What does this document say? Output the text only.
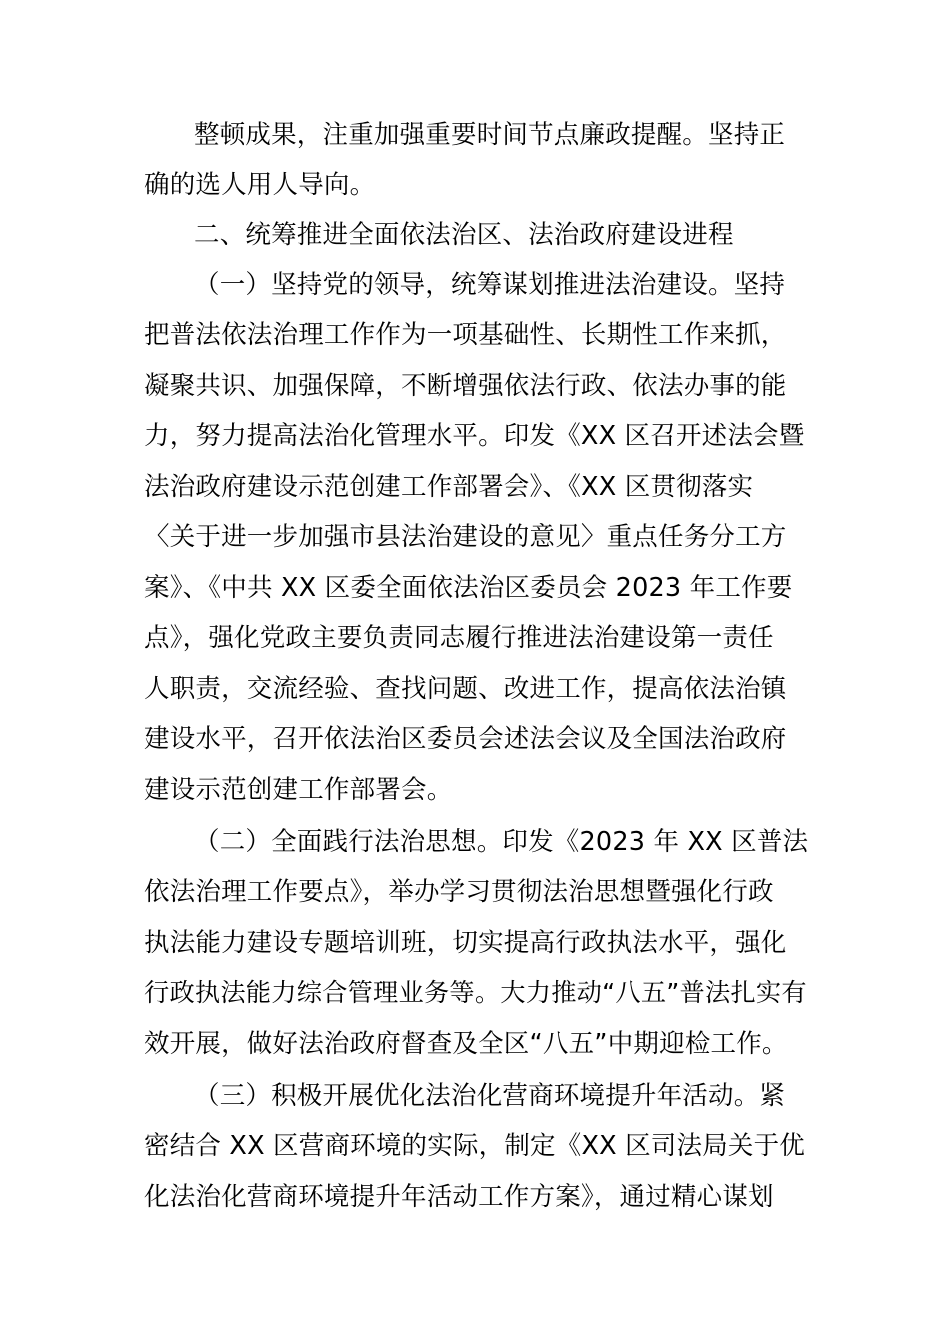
整顿成果，注重加强重要时间节点廉政提醒。坚持正
确的选人用人导向。
二、统筹推进全面依法治区、法治政府建设进程
（一）坚持党的领导，统筹谋划推进法治建设。坚持
把普法依法治理工作作为一项基础性、长期性工作来抓，
凝聚共识、加强保障，不断增强依法行政、依法办事的能
力，努力提高法治化管理水平。印发《XX 区召开述法会暨
法治政府建设示范创建工作部署会》、《XX 区贯彻落实
〈关于进一步加强市县法治建设的意见〉重点任务分工方
案》、《中共 XX 区委全面依法治区委员会 2023 年工作要
点》，强化党政主要负责同志履行推进法治建设第一责任
人职责，交流经验、查找问题、改进工作，提高依法治镇
建设水平，召开依法治区委员会述法会议及全国法治政府
建设示范创建工作部署会。
（二）全面践行法治思想。印发《2023 年 XX 区普法
依法治理工作要点》，举办学习贯彻法治思想暨强化行政
执法能力建设专题培训班，切实提高行政执法水平，强化
行政执法能力综合管理业务等。大力推动“八五”普法扎实有
效开展，做好法治政府督查及全区“八五”中期迎检工作。
（三）积极开展优化法治化营商环境提升年活动。紧
密结合 XX 区营商环境的实际，制定《XX 区司法局关于优
化法治化营商环境提升年活动工作方案》，通过精心谋划
